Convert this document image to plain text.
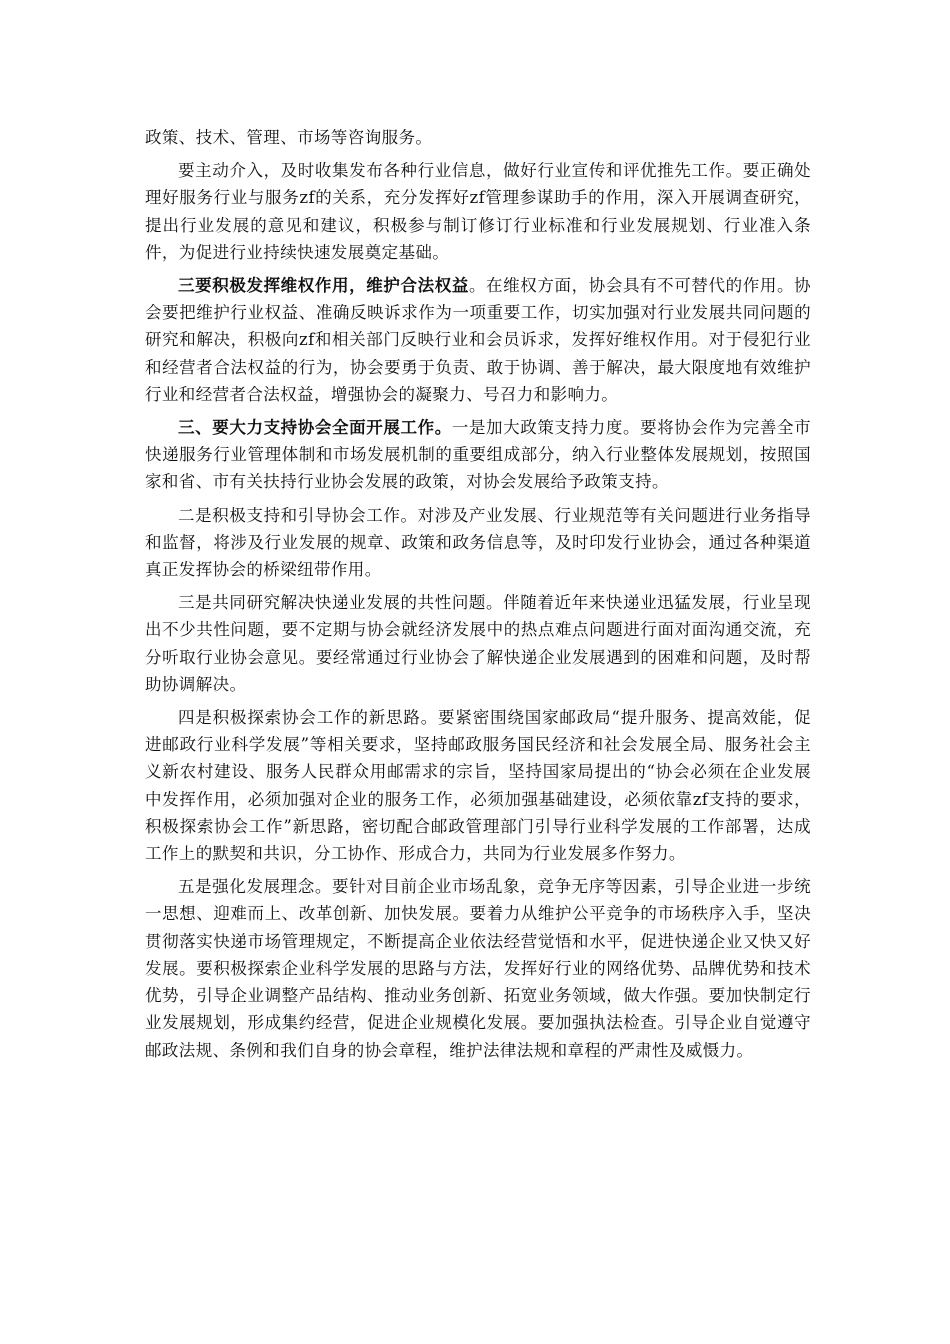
政策、技术、管理、市场等咨询服务。

要主动介入，及时收集发布各种行业信息，做好行业宣传和评优推先工作。要正确处理好服务行业与服务zf的关系，充分发挥好zf管理参谋助手的作用，深入开展调查研究，提出行业发展的意见和建议，积极参与制订修订行业标准和行业发展规划、行业准入条件，为促进行业持续快速发展奠定基础。

三要积极发挥维权作用，维护合法权益。在维权方面，协会具有不可替代的作用。协会要把维护行业权益、准确反映诉求作为一项重要工作，切实加强对行业发展共同问题的研究和解决，积极向zf和相关部门反映行业和会员诉求，发挥好维权作用。对于侵犯行业和经营者合法权益的行为，协会要勇于负责、敢于协调、善于解决，最大限度地有效维护行业和经营者合法权益，增强协会的凝聚力、号召力和影响力。

三、要大力支持协会全面开展工作。一是加大政策支持力度。要将协会作为完善全市快递服务行业管理体制和市场发展机制的重要组成部分，纳入行业整体发展规划，按照国家和省、市有关扶持行业协会发展的政策，对协会发展给予政策支持。

二是积极支持和引导协会工作。对涉及产业发展、行业规范等有关问题进行业务指导和监督，将涉及行业发展的规章、政策和政务信息等，及时印发行业协会，通过各种渠道真正发挥协会的桥梁纽带作用。

三是共同研究解决快递业发展的共性问题。伴随着近年来快递业迅猛发展，行业呈现出不少共性问题，要不定期与协会就经济发展中的热点难点问题进行面对面沟通交流，充分听取行业协会意见。要经常通过行业协会了解快递企业发展遇到的困难和问题，及时帮助协调解决。

四是积极探索协会工作的新思路。要紧密围绕国家邮政局“提升服务、提高效能，促进邮政行业科学发展”等相关要求，坚持邮政服务国民经济和社会发展全局、服务社会主义新农村建设、服务人民群众用邮需求的宗旨，坚持国家局提出的“协会必须在企业发展中发挥作用，必须加强对企业的服务工作，必须加强基础建设，必须依靠zf支持的要求，积极探索协会工作”新思路，密切配合邮政管理部门引导行业科学发展的工作部署，达成工作上的默契和共识，分工协作、形成合力，共同为行业发展多作努力。

五是强化发展理念。要针对目前企业市场乱象，竞争无序等因素，引导企业进一步统一思想、迎难而上、改革创新、加快发展。要着力从维护公平竞争的市场秩序入手，坚决贯彻落实快递市场管理规定，不断提高企业依法经营觉悟和水平，促进快递企业又快又好发展。要积极探索企业科学发展的思路与方法，发挥好行业的网络优势、品牌优势和技术优势，引导企业调整产品结构、推动业务创新、拓宽业务领域，做大作强。要加快制定行业发展规划，形成集约经营，促进企业规模化发展。要加强执法检查。引导企业自觉遵守邮政法规、条例和我们自身的协会章程，维护法律法规和章程的严肃性及威慑力。
